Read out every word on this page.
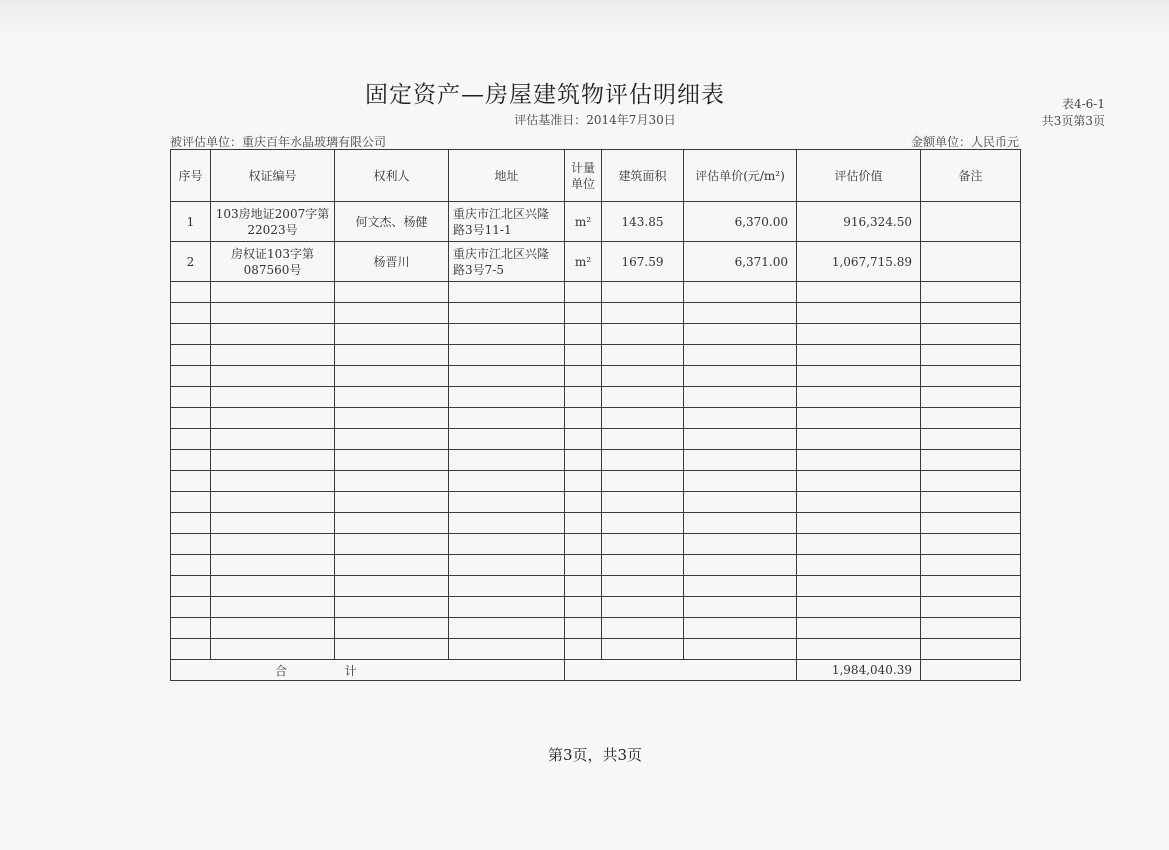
固定资产—房屋建筑物评估明细表
评估基准日：2014年7月30日
表4-6-1
共3页第3页
被评估单位：重庆百年水晶玻璃有限公司	金额单位：人民币元
序号	权证编号	权利人	地址	计量单位	建筑面积	评估单价(元/m²)	评估价值	备注
1	103房地证2007字第22023号	何文杰、杨健	重庆市江北区兴隆路3号11-1	m²	143.85	6,370.00	916,324.50	
2	房权证103字第087560号	杨晋川	重庆市江北区兴隆路3号7-5	m²	167.59	6,371.00	1,067,715.89	

合 计							1,984,040.39	
第3页，共3页
